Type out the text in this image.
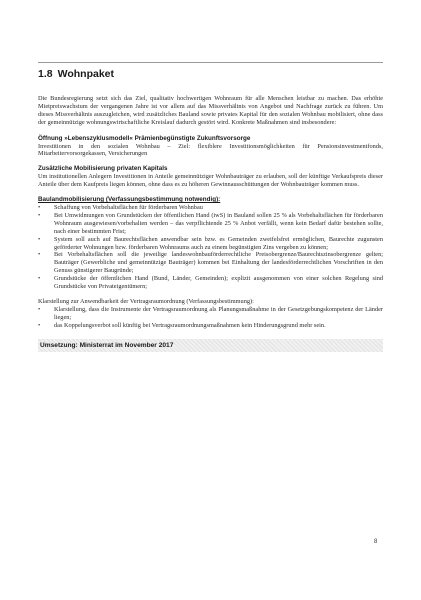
1.8 Wohnpaket

Die Bundesregierung setzt sich das Ziel, qualitativ hochwertigen Wohnraum für alle Menschen leistbar zu machen. Das erhöhte Mietpreiswachstum der vergangenen Jahre ist vor allem auf das Missverhältnis von Angebot und Nachfrage zurück zu führen. Um dieses Missverhältnis auszugleichen, wird zusätzliches Bauland sowie privates Kapital für den sozialen Wohnbau mobilisiert, ohne dass der gemeinnützige wohnungswirtschaftliche Kreislauf dadurch gestört wird. Konkrete Maßnahmen sind insbesondere:

Öffnung »Lebenszyklusmodell« Prämienbegünstigte Zukunftsvorsorge
Investitionen in den sozialen Wohnbau – Ziel: flexiblere Investitionsmöglichkeiten für Pensionsinvestmentfonds, Mitarbeitervorsorgekassen, Versicherungen
Zusätzliche Mobilisierung privaten Kapitals
Um institutionellen Anlegern Investitionen in Anteile gemeinnütziger Wohnbauträger zu erlauben, soll der künftige Verkaufspreis dieser Anteile über dem Kaufpreis liegen können, ohne dass es zu höheren Gewinnausschüttungen der Wohnbauträger kommen muss.
Baulandmobilisierung (Verfassungsbestimmung notwendig):
• Schaffung von Vorbehaltsflächen für förderbaren Wohnbau
• Bei Umwidmungen von Grundstücken der öffentlichen Hand (iwS) in Bauland sollen 25 % als Vorbehaltsflächen für förderbaren Wohnraum ausgewiesen/vorbehalten werden – das verpflichtende 25 % Anbot verfällt, wenn kein Bedarf dafür bestehen sollte, nach einer bestimmten Frist;
• System soll auch auf Baurechtsflächen anwendbar sein bzw. es Gemeinden zweifelsfrei ermöglichen, Baurechte zugunsten geförderter Wohnungen bzw. förderbaren Wohnraums auch zu einem begünstigten Zins vergeben zu können;
• Bei Vorbehaltsflächen soll die jeweilige landeswohnbauförderrechtliche Preisobergrenze/Baurechtszinsobergrenze gelten; Bauträger (Gewerbliche und gemeinnützige Bauträger) kommen bei Einhaltung der landesförderrechtlichen Vorschriften in den Genuss günstigerer Baugründe;
• Grundstücke der öffentlichen Hand (Bund, Länder, Gemeinden); explizit ausgenommen von einer solchen Regelung sind Grundstücke von Privateigentümern;
Klarstellung zur Anwendbarkeit der Vertragsraumordnung (Verfassungsbestimmung):
• Klarstellung, dass die Instrumente der Vertragsraumordnung als Planungsmaßnahme in der Gesetzgebungskompetenz der Länder liegen;
• das Koppelungsverbot soll künftig bei Vertragsraumordnungsmaßnahmen kein Hinderungsgrund mehr sein.
Umsetzung: Ministerrat im November 2017
8
